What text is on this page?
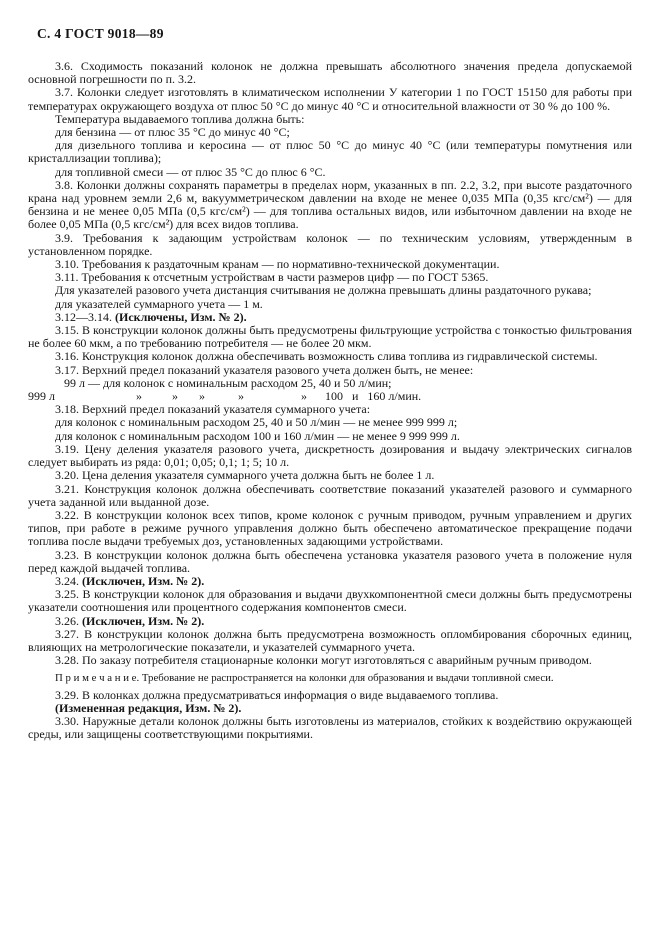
С. 4 ГОСТ 9018—89

3.6. Сходимость показаний колонок не должна превышать абсолютного значения предела допускаемой основной погрешности по п. 3.2.

3.7. Колонки следует изготовлять в климатическом исполнении У категории 1 по ГОСТ 15150 для работы при температурах окружающего воздуха от плюс 50 °С до минус 40 °С и относительной влажности от 30 % до 100 %.

Температура выдаваемого топлива должна быть:

для бензина — от плюс 35 °С до минус 40 °С;

для дизельного топлива и керосина — от плюс 50 °С до минус 40 °С (или температуры помутнения или кристаллизации топлива);

для топливной смеси — от плюс 35 °С до плюс 6 °С.

3.8. Колонки должны сохранять параметры в пределах норм, указанных в пп. 2.2, 3.2, при высоте раздаточного крана над уровнем земли 2,6 м, вакуумметрическом давлении на входе не менее 0,035 МПа (0,35 кгс/см²) — для бензина и не менее 0,05 МПа (0,5 кгс/см²) — для топлива остальных видов, или избыточном давлении на входе не более 0,05 МПа (0,5 кгс/см²) для всех видов топлива.

3.9. Требования к задающим устройствам колонок — по техническим условиям, утвержденным в установленном порядке.

3.10. Требования к раздаточным кранам — по нормативно-технической документации.

3.11. Требования к отсчетным устройствам в части размеров цифр — по ГОСТ 5365.

Для указателей разового учета дистанция считывания не должна превышать длины раздаточного рукава;

для указателей суммарного учета — 1 м.

3.12—3.14. (Исключены, Изм. № 2).

3.15. В конструкции колонок должны быть предусмотрены фильтрующие устройства с тонкостью фильтрования не более 60 мкм, а по требованию потребителя — не более 20 мкм.

3.16. Конструкция колонок должна обеспечивать возможность слива топлива из гидравлической системы.

3.17. Верхний предел показаний указателя разового учета должен быть, не менее:

99 л — для колонок с номинальным расходом 25, 40 и 50 л/мин;

999 л                           »          »       »           »                   »      100   и   160 л/мин.

3.18. Верхний предел показаний указателя суммарного учета:

для колонок с номинальным расходом 25, 40 и 50 л/мин — не менее 999 999 л;

для колонок с номинальным расходом 100 и 160 л/мин — не менее 9 999 999 л.

3.19. Цену деления указателя разового учета, дискретность дозирования и выдачу электрических сигналов следует выбирать из ряда: 0,01; 0,05; 0,1; 1; 5; 10 л.

3.20. Цена деления указателя суммарного учета должна быть не более 1 л.

3.21. Конструкция колонок должна обеспечивать соответствие показаний указателей разового и суммарного учета заданной или выданной дозе.

3.22. В конструкции колонок всех типов, кроме колонок с ручным приводом, ручным управлением и других типов, при работе в режиме ручного управления должно быть обеспечено автоматическое прекращение подачи топлива после выдачи требуемых доз, установленных задающими устройствами.

3.23. В конструкции колонок должна быть обеспечена установка указателя разового учета в положение нуля перед каждой выдачей топлива.

3.24. (Исключен, Изм. № 2).

3.25. В конструкции колонок для образования и выдачи двухкомпонентной смеси должны быть предусмотрены указатели соотношения или процентного содержания компонентов смеси.

3.26. (Исключен, Изм. № 2).

3.27. В конструкции колонок должна быть предусмотрена возможность опломбирования сборочных единиц, влияющих на метрологические показатели, и указателей суммарного учета.

3.28. По заказу потребителя стационарные колонки могут изготовляться с аварийным ручным приводом.

П р и м е ч а н и е. Требование не распространяется на колонки для образования и выдачи топливной смеси.

3.29. В колонках должна предусматриваться информация о виде выдаваемого топлива.

(Измененная редакция, Изм. № 2).

3.30. Наружные детали колонок должны быть изготовлены из материалов, стойких к воздействию окружающей среды, или защищены соответствующими покрытиями.
